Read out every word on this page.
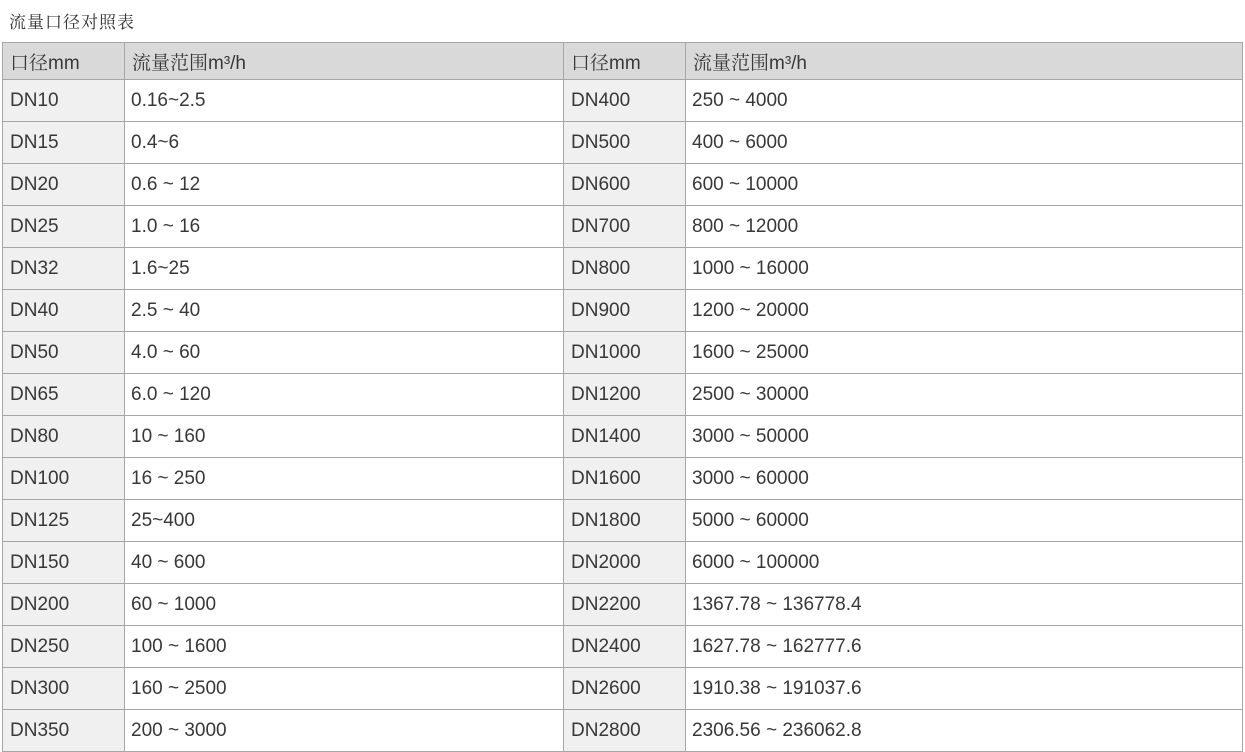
流量口径对照表
口径mm	流量范围m³/h	口径mm	流量范围m³/h
DN10	0.16~2.5	DN400	250 ~ 4000
DN15	0.4~6	DN500	400 ~ 6000
DN20	0.6 ~ 12	DN600	600 ~ 10000
DN25	1.0 ~ 16	DN700	800 ~ 12000
DN32	1.6~25	DN800	1000 ~ 16000
DN40	2.5 ~ 40	DN900	1200 ~ 20000
DN50	4.0 ~ 60	DN1000	1600 ~ 25000
DN65	6.0 ~ 120	DN1200	2500 ~ 30000
DN80	10 ~ 160	DN1400	3000 ~ 50000
DN100	16 ~ 250	DN1600	3000 ~ 60000
DN125	25~400	DN1800	5000 ~ 60000
DN150	40 ~ 600	DN2000	6000 ~ 100000
DN200	60 ~ 1000	DN2200	1367.78 ~ 136778.4
DN250	100 ~ 1600	DN2400	1627.78 ~ 162777.6
DN300	160 ~ 2500	DN2600	1910.38 ~ 191037.6
DN350	200 ~ 3000	DN2800	2306.56 ~ 236062.8
